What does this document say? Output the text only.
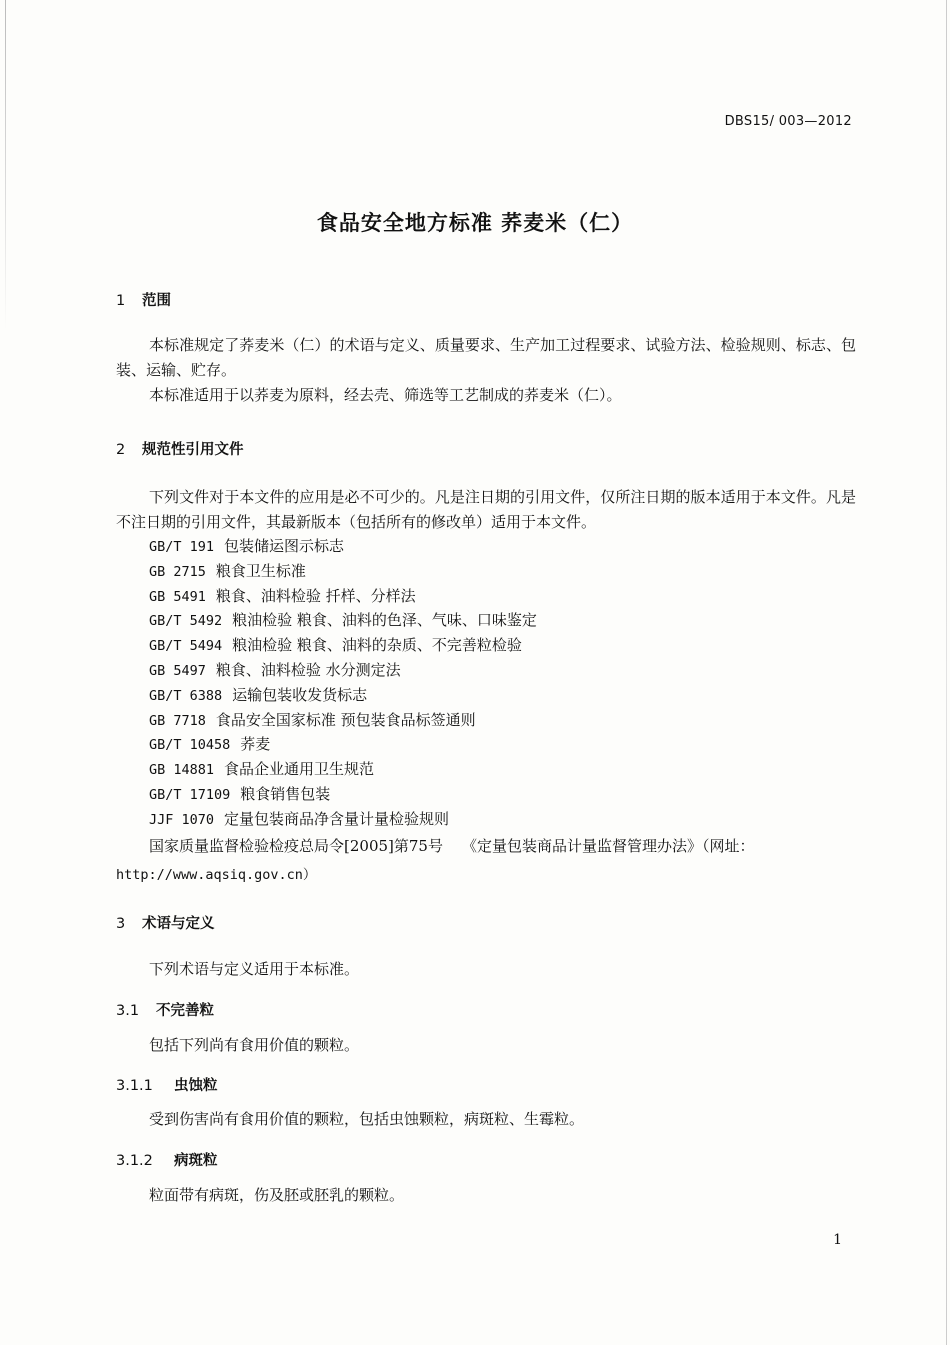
DBS15/ 003—2012
食品安全地方标准 荞麦米（仁）
1 范围
本标准规定了荞麦米（仁）的术语与定义、质量要求、生产加工过程要求、试验方法、检验规则、标志、包装、运输、贮存。
本标准适用于以荞麦为原料，经去壳、筛选等工艺制成的荞麦米（仁）。
2 规范性引用文件
下列文件对于本文件的应用是必不可少的。凡是注日期的引用文件，仅所注日期的版本适用于本文件。凡是不注日期的引用文件，其最新版本（包括所有的修改单）适用于本文件。
GB/T 191 包装储运图示标志
GB 2715 粮食卫生标准
GB 5491 粮食、油料检验 扦样、分样法
GB/T 5492 粮油检验 粮食、油料的色泽、气味、口味鉴定
GB/T 5494 粮油检验 粮食、油料的杂质、不完善粒检验
GB 5497 粮食、油料检验 水分测定法
GB/T 6388 运输包装收发货标志
GB 7718 食品安全国家标准 预包装食品标签通则
GB/T 10458 荞麦
GB 14881 食品企业通用卫生规范
GB/T 17109 粮食销售包装
JJF 1070 定量包装商品净含量计量检验规则
国家质量监督检验检疫总局令[2005]第75号 《定量包装商品计量监督管理办法》（网址：
http://www.aqsiq.gov.cn）
3 术语与定义
下列术语与定义适用于本标准。
3.1 不完善粒
包括下列尚有食用价值的颗粒。
3.1.1 虫蚀粒
受到伤害尚有食用价值的颗粒，包括虫蚀颗粒，病斑粒、生霉粒。
3.1.2 病斑粒
粒面带有病斑，伤及胚或胚乳的颗粒。
1
